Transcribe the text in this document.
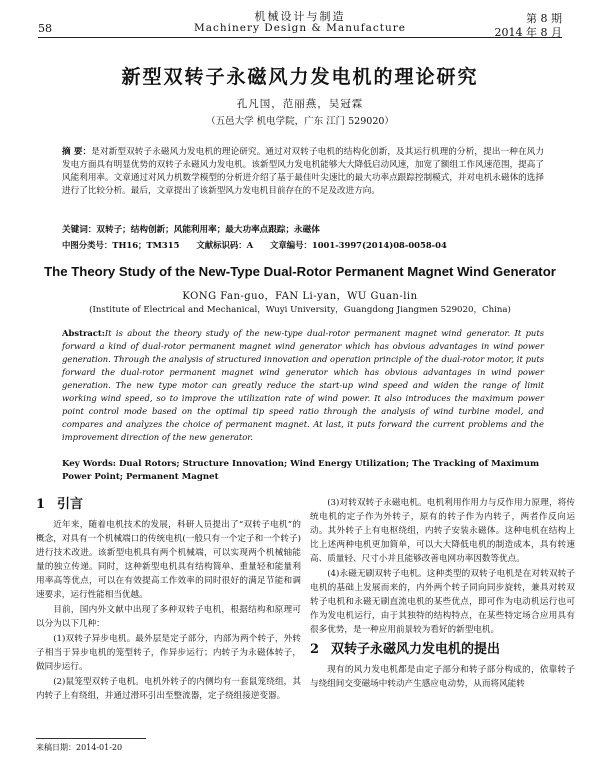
机械设计与制造
58	Machinery Design & Manufacture
第 8 期
2014 年 8 月
新型双转子永磁风力发电机的理论研究
孔凡国，范丽燕，吴冠霖
（五邑大学 机电学院，广东 江门 529020）
摘 要：是对新型双转子永磁风力发电机的理论研究。通过对双转子电机的结构化创新，及其运行机理的分析，提出一种在风力发电方面具有明显优势的双转子永磁风力发电机。该新型风力发电机能够大大降低启动风速，加宽了额组工作风速范围，提高了风能利用率。文章通过对风力机数学模型的分析进介绍了基于最佳叶尖速比的最大功率点跟踪控制模式，并对电机永磁体的选择进行了比较分析。最后，文章提出了该新型风力发电机目前存在的不足及改进方向。
关键词：双转子；结构创新；风能利用率；最大功率点跟踪；永磁体
中图分类号：TH16；TM315 文献标识码：A 文章编号：1001-3997(2014)08-0058-04
The Theory Study of the New-Type Dual-Rotor Permanent Magnet Wind Generator
KONG Fan-guo，FAN Li-yan，WU Guan-lin
(Institute of Electrical and Mechanical，Wuyi University，Guangdong Jiangmen 529020，China)
Abstract:It is about the theory study of the new-type dual-rotor permanent magnet wind generator. It puts forward a kind of dual-rotor permanent magnet wind generator which has obvious advantages in wind power generation. Through the analysis of structured innovation and operation principle of the dual-rotor motor, it puts forward the dual-rotor permanent magnet wind generator which has obvious advantages in wind power generation. The new type motor can greatly reduce the start-up wind speed and widen the range of limit working wind speed, so to improve the utilization rate of wind power. It also introduces the maximum power point control mode based on the optimal tip speed ratio through the analysis of wind turbine model, and compares and analyzes the choice of permanent magnet. At last, it puts forward the current problems and the improvement direction of the new generator.
Key Words: Dual Rotors; Structure Innovation; Wind Energy Utilization; The Tracking of Maximum Power Point; Permanent Magnet
1 引言

近年来，随着电机技术的发展，科研人员提出了“双转子电机”的概念，对具有一个机械端口的传统电机(一般只有一个定子和一个转子)进行技术改进。该新型电机具有两个机械端，可以实现两个机械轴能量的独立传递。同时，这种新型电机具有结构简单、重量轻和能量利用率高等优点，可以在有效提高工作效率的同时很好的满足节能和调速要求，运行性能相当优越。

目前，国内外文献中出现了多种双转子电机，根据结构和原理可以分为以下几种：

(1)双转子异步电机。最外层是定子部分，内部为两个转子，外转子相当于异步电机的笼型转子，作异步运行；内转子为永磁体转子，做同步运行。

(2)鼠笼型双转子电机。电机外转子的内侧均有一套鼠笼绕组，其内转子上有绕组，并通过滑环引出至整流器，定子绕组接逆变器。

(3)对转双转子永磁电机。电机利用作用力与反作用力原理，将传统电机的定子作为外转子，原有的转子作为内转子，两者作反向运动。其外转子上有电枢绕组，内转子安装永磁体。这种电机在结构上比上述两种电机更加简单，可以大大降低电机的制造成本，具有转速高、质量轻、尺寸小并且能够改善电网功率因数等优点。

(4)永磁无刷双转子电机。这种类型的双转子电机是在对转双转子电机的基础上发展而来的，内外两个转子同向同步旋转，兼具对转双转子电机和永磁无刷直流电机的某些优点，即可作为电动机运行也可作为发电机运行，由于其独特的结构特点，在某些特定场合应用具有很多优势，是一种应用前景较为看好的新型电机。

2 双转子永磁风力发电机的提出

现有的风力发电机都是由定子部分和转子部分构成的，依靠转子与绕组间交变磁场中转动产生感应电动势，从而将风能转

来稿日期：2014-01-20
